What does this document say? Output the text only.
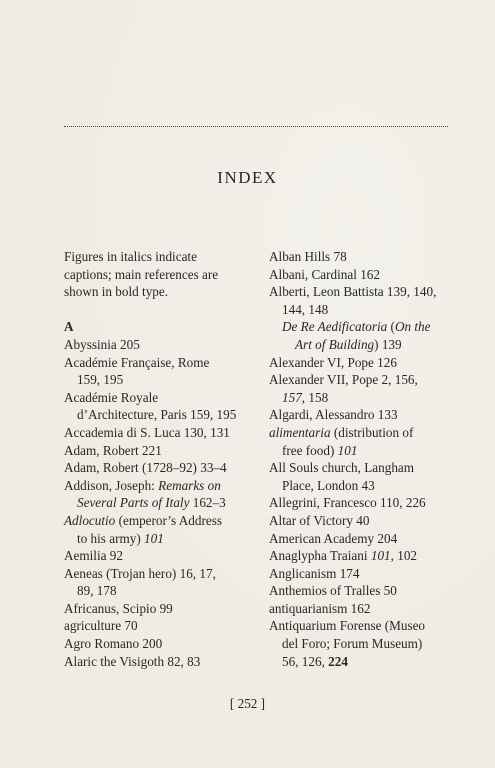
INDEX
Figures in italics indicate
captions; main references are
shown in bold type.
A
Abyssinia 205
Académie Française, Rome
159, 195
Académie Royale
d’Architecture, Paris 159, 195
Accademia di S. Luca 130, 131
Adam, Robert 221
Adam, Robert (1728–92) 33–4
Addison, Joseph: Remarks on
Several Parts of Italy 162–3
Adlocutio (emperor’s Address
to his army) 101
Aemilia 92
Aeneas (Trojan hero) 16, 17,
89, 178
Africanus, Scipio 99
agriculture 70
Agro Romano 200
Alaric the Visigoth 82, 83
Alban Hills 78
Albani, Cardinal 162
Alberti, Leon Battista 139, 140,
144, 148
De Re Aedificatoria (On the
Art of Building) 139
Alexander VI, Pope 126
Alexander VII, Pope 2, 156,
157, 158
Algardi, Alessandro 133
alimentaria (distribution of
free food) 101
All Souls church, Langham
Place, London 43
Allegrini, Francesco 110, 226
Altar of Victory 40
American Academy 204
Anaglypha Traiani 101, 102
Anglicanism 174
Anthemios of Tralles 50
antiquarianism 162
Antiquarium Forense (Museo
del Foro; Forum Museum)
56, 126, 224
[ 252 ]
